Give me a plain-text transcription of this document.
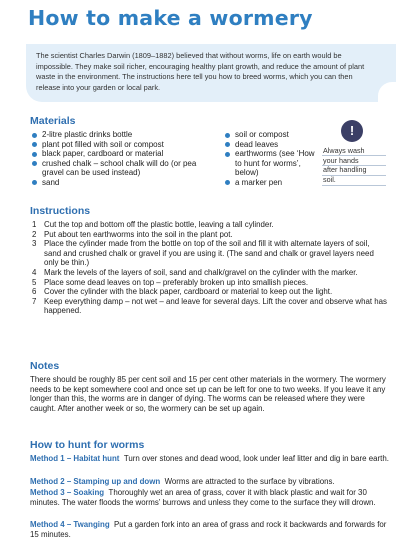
How to make a wormery
The scientist Charles Darwin (1809–1882) believed that without worms, life on earth would be impossible. They make soil richer, encouraging healthy plant growth, and reduce the amount of plant waste in the environment. The instructions here tell you how to breed worms, which you can then release into your garden or local park.
Materials
2-litre plastic drinks bottle
plant pot filled with soil or compost
black paper, cardboard or material
crushed chalk – school chalk will do (or pea gravel can be used instead)
sand
soil or compost
dead leaves
earthworms (see ‘How to hunt for worms’, below)
a marker pen
!
Always wash
your hands
after handling
soil.
Instructions
1 Cut the top and bottom off the plastic bottle, leaving a tall cylinder.
2 Put about ten earthworms into the soil in the plant pot.
3 Place the cylinder made from the bottle on top of the soil and fill it with alternate layers of soil, sand and crushed chalk or gravel if you are using it. (The sand and chalk or gravel layers need only be thin.)
4 Mark the levels of the layers of soil, sand and chalk/gravel on the cylinder with the marker.
5 Place some dead leaves on top – preferably broken up into smallish pieces.
6 Cover the cylinder with the black paper, cardboard or material to keep out the light.
7 Keep everything damp – not wet – and leave for several days. Lift the cover and observe what has happened.
Notes

There should be roughly 85 per cent soil and 15 per cent other materials in the wormery. The wormery needs to be kept somewhere cool and once set up can be left for one to two weeks. If you leave it any longer than this, the worms are in danger of dying. The worms can be released where they were caught. After another week or so, the wormery can be set up again.

How to hunt for worms

Method 1 – Habitat hunt Turn over stones and dead wood, look under leaf litter and dig in bare earth.

Method 2 – Stamping up and down Worms are attracted to the surface by vibrations.

Method 3 – Soaking Thoroughly wet an area of grass, cover it with black plastic and wait for 30 minutes. The water floods the worms’ burrows and unless they come to the surface they will drown.

Method 4 – Twanging Put a garden fork into an area of grass and rock it backwards and forwards for 15 minutes.
